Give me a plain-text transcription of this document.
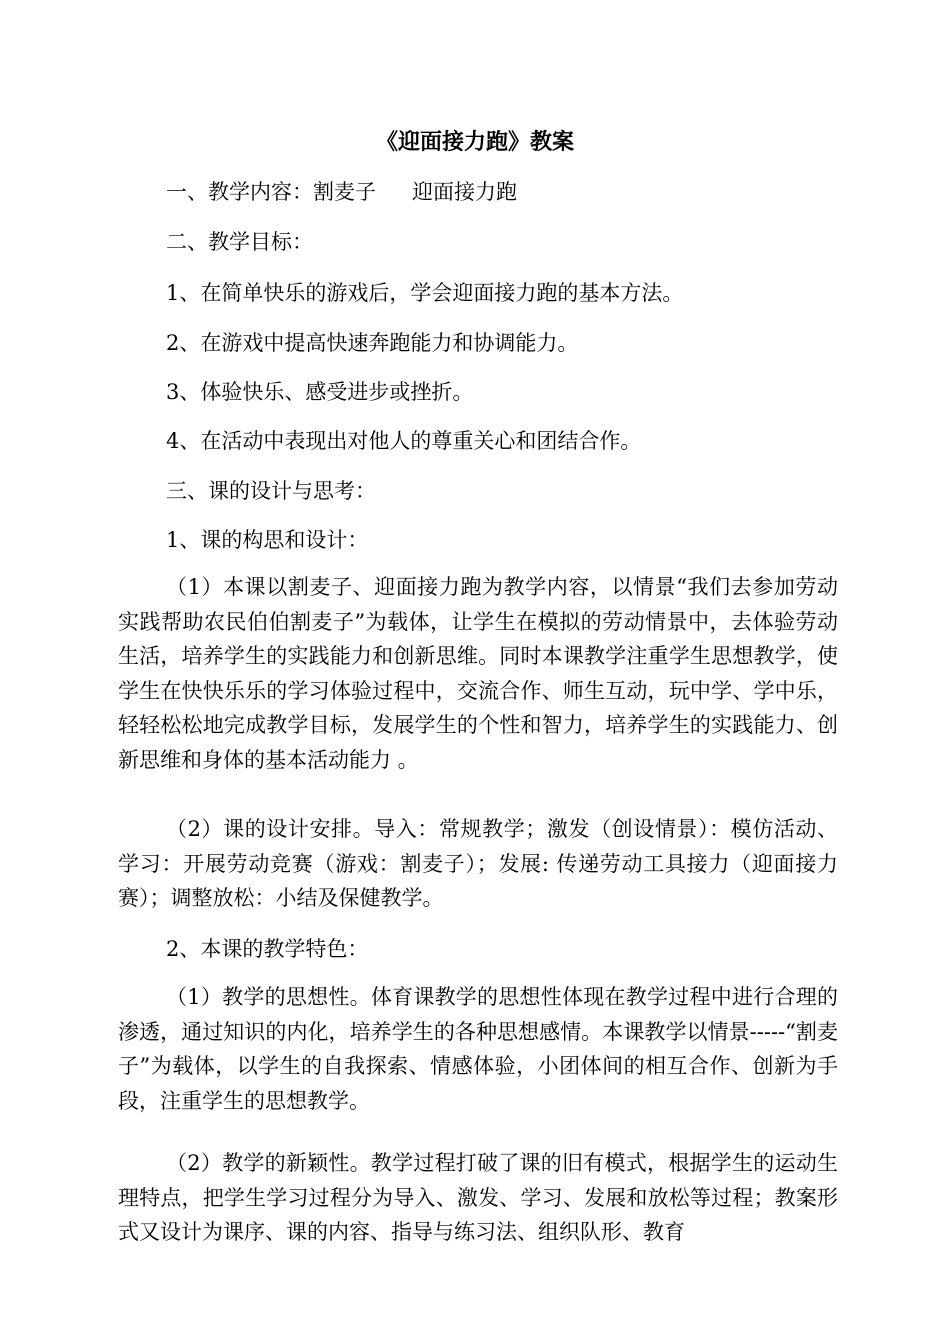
《迎面接力跑》教案

一、教学内容：割麦子 迎面接力跑

二、教学目标：

1、在简单快乐的游戏后，学会迎面接力跑的基本方法。

2、在游戏中提高快速奔跑能力和协调能力。

3、体验快乐、感受进步或挫折。

4、在活动中表现出对他人的尊重关心和团结合作。

三、课的设计与思考：

1、课的构思和设计：

（1）本课以割麦子、迎面接力跑为教学内容，以情景“我们去参加劳动实践帮助农民伯伯割麦子”为载体，让学生在模拟的劳动情景中，去体验劳动生活，培养学生的实践能力和创新思维。同时本课教学注重学生思想教学，使学生在快快乐乐的学习体验过程中，交流合作、师生互动，玩中学、学中乐，轻轻松松地完成教学目标，发展学生的个性和智力，培养学生的实践能力、创新思维和身体的基本活动能力 。

（2）课的设计安排。导入：常规教学；激发（创设情景）：模仿活动、学习：开展劳动竞赛（游戏：割麦子）；发展: 传递劳动工具接力（迎面接力赛）；调整放松：小结及保健教学。

2、本课的教学特色：

（1）教学的思想性。体育课教学的思想性体现在教学过程中进行合理的渗透，通过知识的内化，培养学生的各种思想感情。本课教学以情景-----“割麦子”为载体，以学生的自我探索、情感体验，小团体间的相互合作、创新为手段，注重学生的思想教学。

（2）教学的新颖性。教学过程打破了课的旧有模式，根据学生的运动生理特点，把学生学习过程分为导入、激发、学习、发展和放松等过程；教案形式又设计为课序、课的内容、指导与练习法、组织队形、教育
